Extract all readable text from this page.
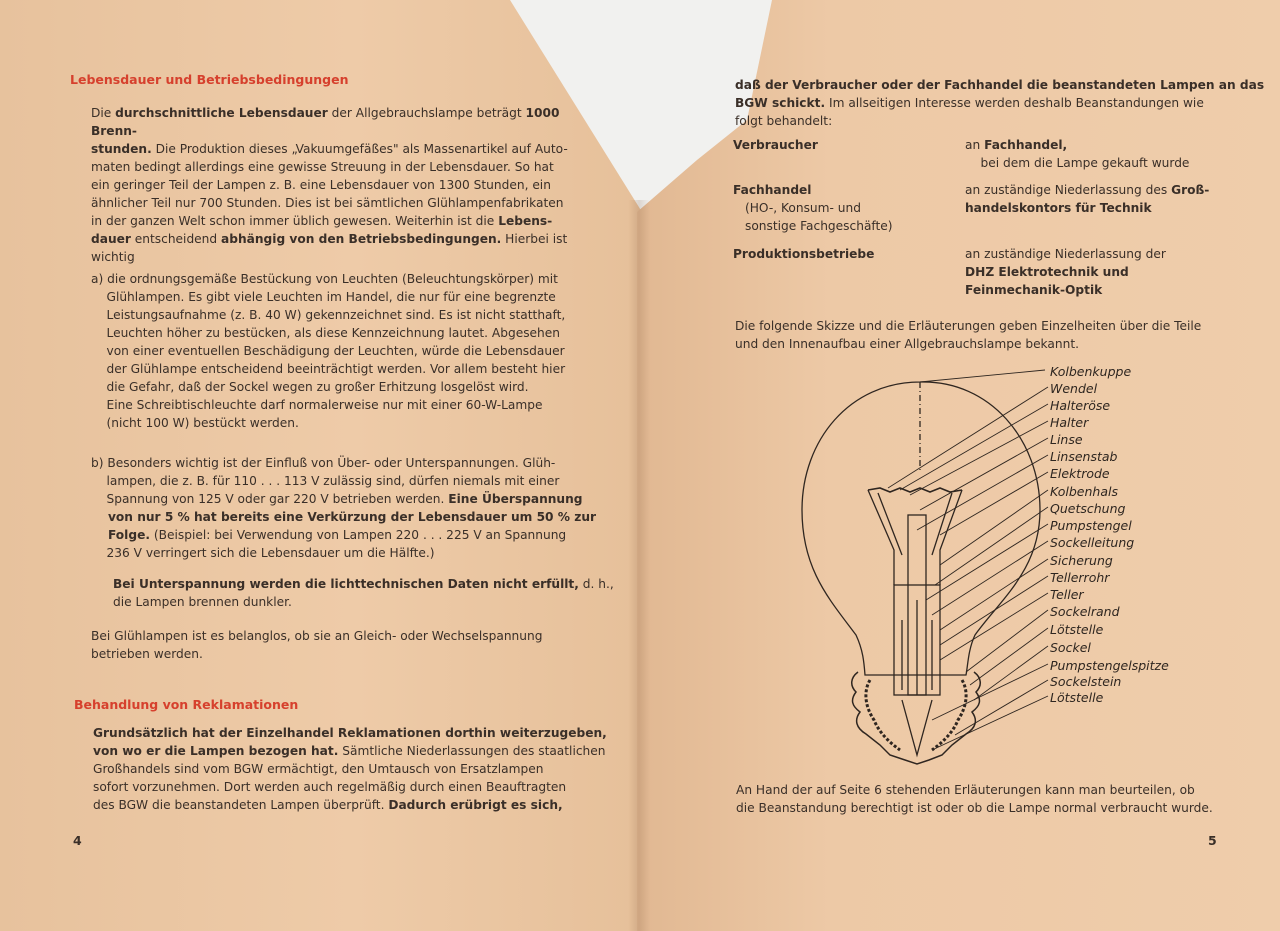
Lebensdauer und Betriebsbedingungen
Die durchschnittliche Lebensdauer der Allgebrauchslampe beträgt 1000 Brenn-
stunden. Die Produktion dieses „Vakuumgefäßes" als Massenartikel auf Auto-
maten bedingt allerdings eine gewisse Streuung in der Lebensdauer. So hat
ein geringer Teil der Lampen z. B. eine Lebensdauer von 1300 Stunden, ein
ähnlicher Teil nur 700 Stunden. Dies ist bei sämtlichen Glühlampenfabrikaten
in der ganzen Welt schon immer üblich gewesen. Weiterhin ist die Lebens-
dauer entscheidend abhängig von den Betriebsbedingungen. Hierbei ist
wichtig
a) die ordnungsgemäße Bestückung von Leuchten (Beleuchtungskörper) mit
Glühlampen. Es gibt viele Leuchten im Handel, die nur für eine begrenzte
Leistungsaufnahme (z. B. 40 W) gekennzeichnet sind. Es ist nicht statthaft,
Leuchten höher zu bestücken, als diese Kennzeichnung lautet. Abgesehen
von einer eventuellen Beschädigung der Leuchten, würde die Lebensdauer
der Glühlampe entscheidend beeinträchtigt werden. Vor allem besteht hier
die Gefahr, daß der Sockel wegen zu großer Erhitzung losgelöst wird.
Eine Schreibtischleuchte darf normalerweise nur mit einer 60-W-Lampe
(nicht 100 W) bestückt werden.
b) Besonders wichtig ist der Einfluß von Über- oder Unterspannungen. Glüh-
lampen, die z. B. für 110 . . . 113 V zulässig sind, dürfen niemals mit einer
Spannung von 125 V oder gar 220 V betrieben werden. Eine Überspannung
von nur 5 % hat bereits eine Verkürzung der Lebensdauer um 50 % zur
Folge. (Beispiel: bei Verwendung von Lampen 220 . . . 225 V an Spannung
236 V verringert sich die Lebensdauer um die Hälfte.)
Bei Unterspannung werden die lichttechnischen Daten nicht erfüllt, d. h.,
die Lampen brennen dunkler.
Bei Glühlampen ist es belanglos, ob sie an Gleich- oder Wechselspannung
betrieben werden.
Behandlung von Reklamationen
Grundsätzlich hat der Einzelhandel Reklamationen dorthin weiterzugeben,
von wo er die Lampen bezogen hat. Sämtliche Niederlassungen des staatlichen
Großhandels sind vom BGW ermächtigt, den Umtausch von Ersatzlampen
sofort vorzunehmen. Dort werden auch regelmäßig durch einen Beauftragten
des BGW die beanstandeten Lampen überprüft. Dadurch erübrigt es sich,
4
daß der Verbraucher oder der Fachhandel die beanstandeten Lampen an das
BGW schickt. Im allseitigen Interesse werden deshalb Beanstandungen wie
folgt behandelt:
Verbraucher	an Fachhandel,
bei dem die Lampe gekauft wurde
Fachhandel
(HO-, Konsum- und
sonstige Fachgeschäfte)
an zuständige Niederlassung des Groß-
handelskontors für Technik
Produktionsbetriebe	an zuständige Niederlassung der
DHZ Elektrotechnik und
Feinmechanik-Optik
Die folgende Skizze und die Erläuterungen geben Einzelheiten über die Teile
und den Innenaufbau einer Allgebrauchslampe bekannt.
Kolbenkuppe
Wendel
Halteröse
Halter
Linse
Linsenstab
Elektrode
Kolbenhals
Quetschung
Pumpstengel
Sockelleitung
Sicherung
Tellerrohr
Teller
Sockelrand
Lötstelle
Sockel
Pumpstengelspitze
Sockelstein
Lötstelle
An Hand der auf Seite 6 stehenden Erläuterungen kann man beurteilen, ob
die Beanstandung berechtigt ist oder ob die Lampe normal verbraucht wurde.
5
